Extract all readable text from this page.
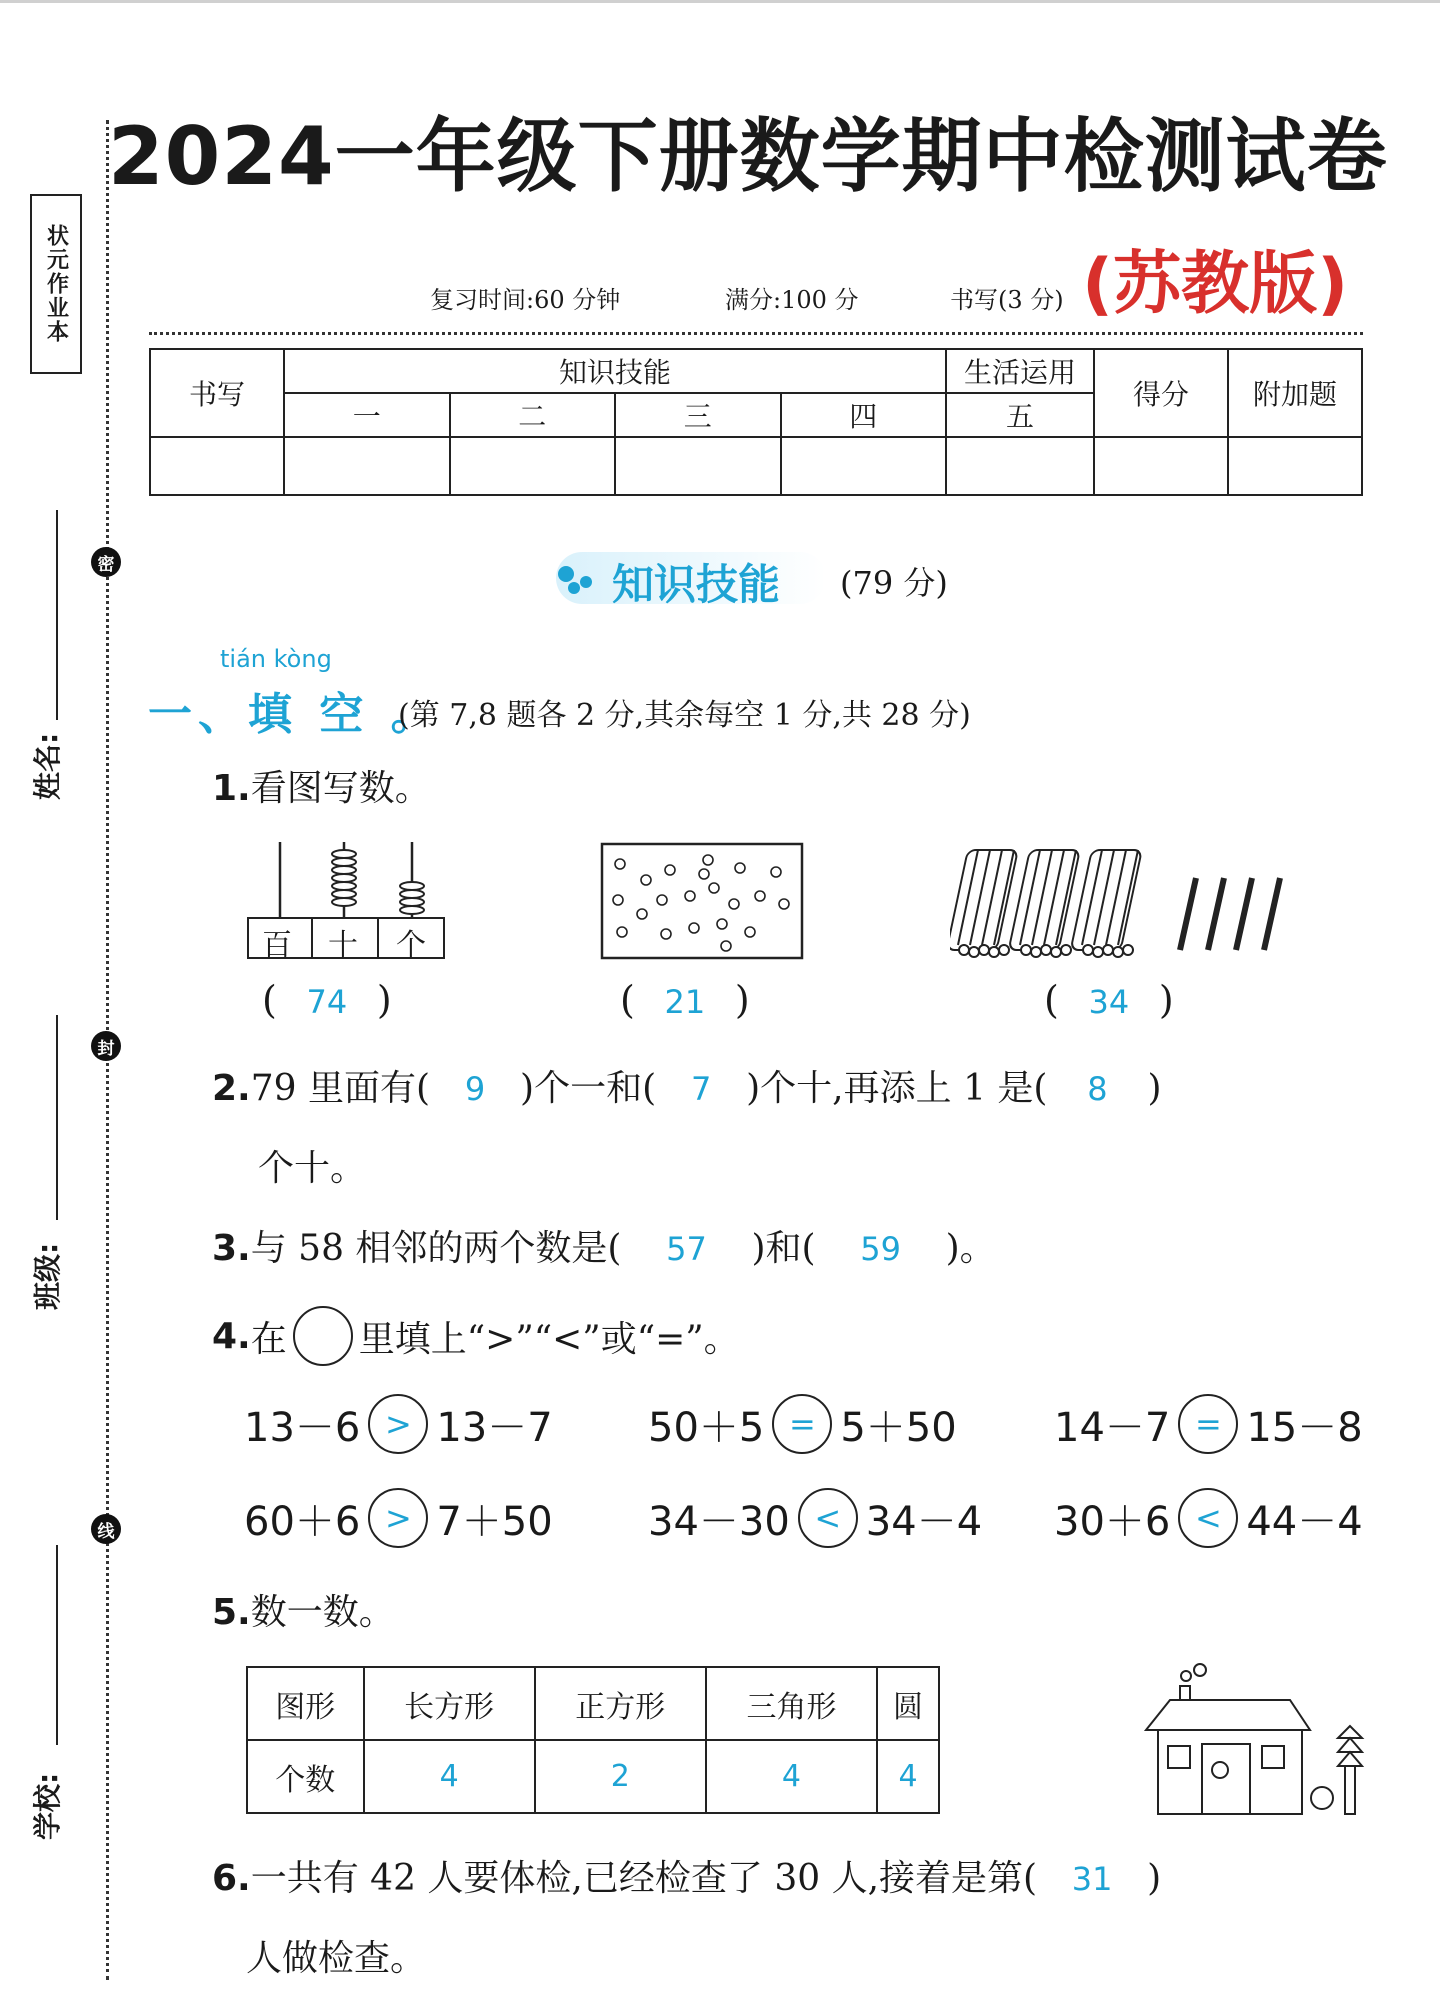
状元作业本
姓名:
班级:
学校:
密
封
线
2024一年级下册数学期中检测试卷
(苏教版)
复习时间:60 分钟	满分:100 分	书写(3 分)
书写	知识技能				生活运用	得分	附加题
	一	二	三	四	五		

知识技能 (79 分)
tián kòng
一、填 空 。
(第 7,8 题各 2 分,其余每空 1 分,共 28 分)
1.看图写数。
百 十 个
( 74 )	( 21 )	( 34 )
2.79 里面有( 9 )个一和( 7 )个十,再添上 1 是( 8 )
个十。
3.与 58 相邻的两个数是( 57 )和( 59 )。
4. 在 里填上“>”“<”或“=”。
13－6 > 13－7 50＋5 = 5＋50 14－7 = 15－8
60＋6 > 7＋50 34－30 < 34－4 30＋6 < 44－4
5.数一数。
图形	长方形	正方形	三角形	圆
个数	4	2	4	4
6.一共有 42 人要体检,已经检查了 30 人,接着是第( 31 )
人做检查。
